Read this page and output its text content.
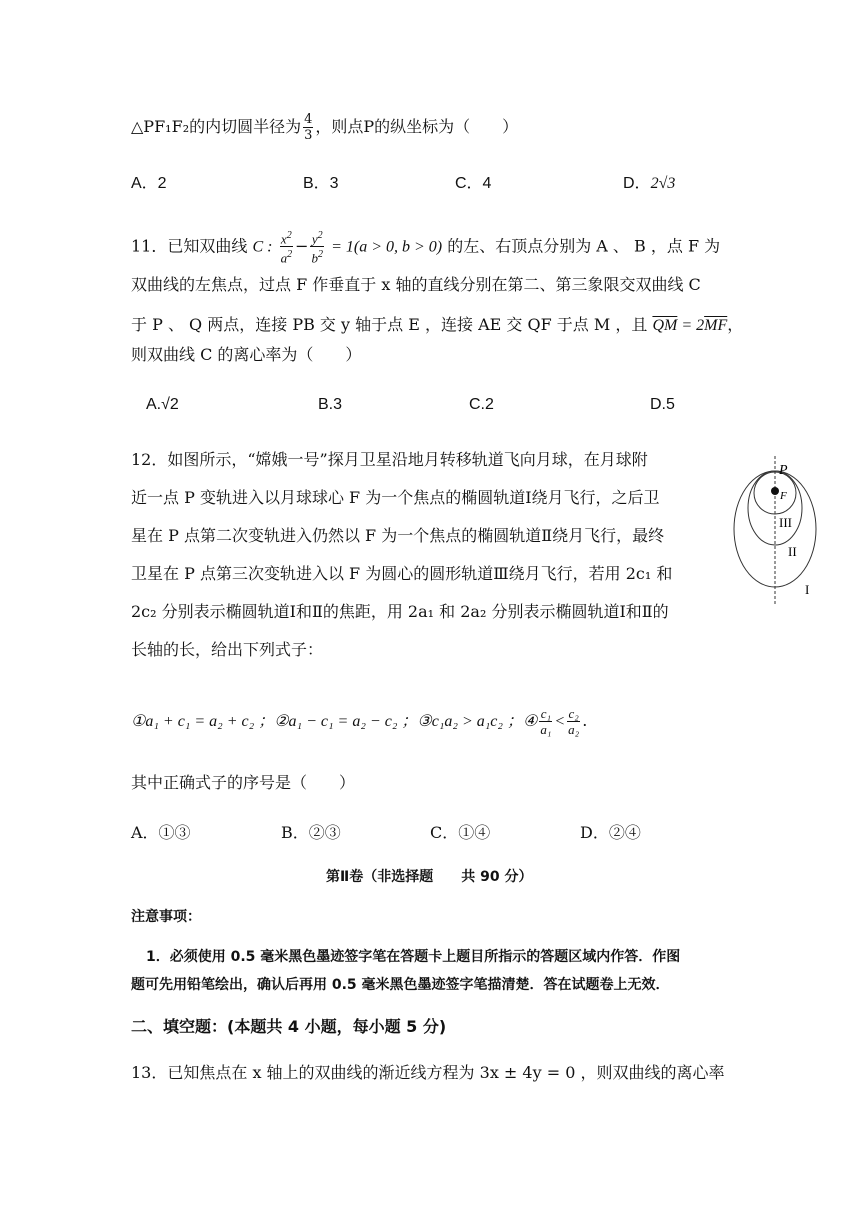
△PF₁F₂的内切圆半径为 $\frac{4}{3}$ ，则点P的纵坐标为（　　）
A．2	B．3	C．4	D．2√3
11．已知双曲线 C : $\frac{x^2}{a^2} - \frac{y^2}{b^2} = 1(a > 0$, b > 0) 的左、右顶点分别为 A 、 B ，点 F 为
双曲线的左焦点，过点 F 作垂直于 x 轴的直线分别在第二、第三象限交双曲线 C
于 P 、 Q 两点，连接 PB 交 y 轴于点 E ，连接 AE 交 QF 于点 M ，且 $\overline{QM} = 2\overline{MF}$，
则双曲线 C 的离心率为（　　）
A.√2	B.3	C.2	D.5
12．如图所示，“嫦娥一号”探月卫星沿地月转移轨道飞向月球，在月球附
近一点 P 变轨进入以月球球心 F 为一个焦点的椭圆轨道Ⅰ绕月飞行，之后卫
星在 P 点第二次变轨进入仍然以 F 为一个焦点的椭圆轨道Ⅱ绕月飞行，最终
卫星在 P 点第三次变轨进入以 F 为圆心的圆形轨道Ⅲ绕月飞行，若用 2c₁ 和
2c₂ 分别表示椭圆轨道Ⅰ和Ⅱ的焦距，用 2a₁ 和 2a₂ 分别表示椭圆轨道Ⅰ和Ⅱ的
长轴的长，给出下列式子：
①a₁ + c₁ = a₂ + c₂ ；②a₁ − c₁ = a₂ − c₂ ；③c₁a₂ > a₁c₂ ；④ $\frac{\text{c₁}}{\text{a₁}} < \frac{\text{c₂}}{\text{a₂}}$ .
其中正确式子的序号是（　　）
A．①③	B．②③	C．①④	D．②④
P
F
III
II
I
第Ⅱ卷（非选择题　　共 90 分）
注意事项：
1．必须使用 0.5 毫米黑色墨迹签字笔在答题卡上题目所指示的答题区域内作答．作图
题可先用铅笔绘出，确认后再用 0.5 毫米黑色墨迹签字笔描清楚．答在试题卷上无效．
二、填空题：(本题共 4 小题，每小题 5 分)
13．已知焦点在 x 轴上的双曲线的渐近线方程为 3x ± 4y = 0 ，则双曲线的离心率
